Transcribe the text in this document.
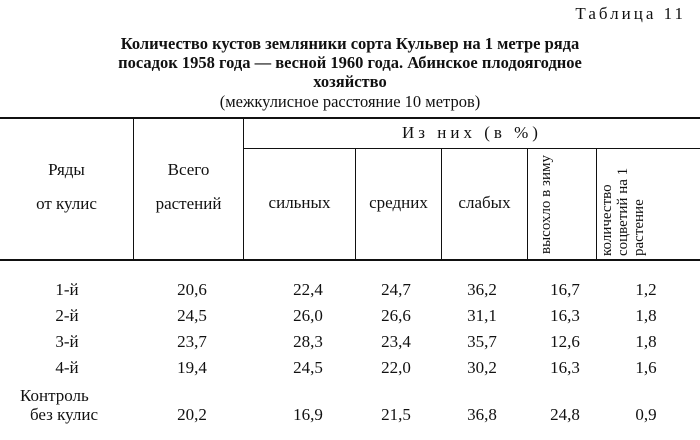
Таблица 11
Количество кустов земляники сорта Кульвер на 1 метре ряда
посадок 1958 года — весной 1960 года. Абинское плодоягодное
хозяйство
(межкулисное расстояние 10 метров)
Ряды
от кулис
Всего
растений
Из них (в %)
сильных	средних	слабых	высохло в зиму	количество соцветий на 1 растение
1-й	20,6	22,4	24,7	36,2	16,7	1,2
2-й	24,5	26,0	26,6	31,1	16,3	1,8
3-й	23,7	28,3	23,4	35,7	12,6	1,8
4-й	19,4	24,5	22,0	30,2	16,3	1,6
Контроль
без кулис	20,2	16,9	21,5	36,8	24,8	0,9
